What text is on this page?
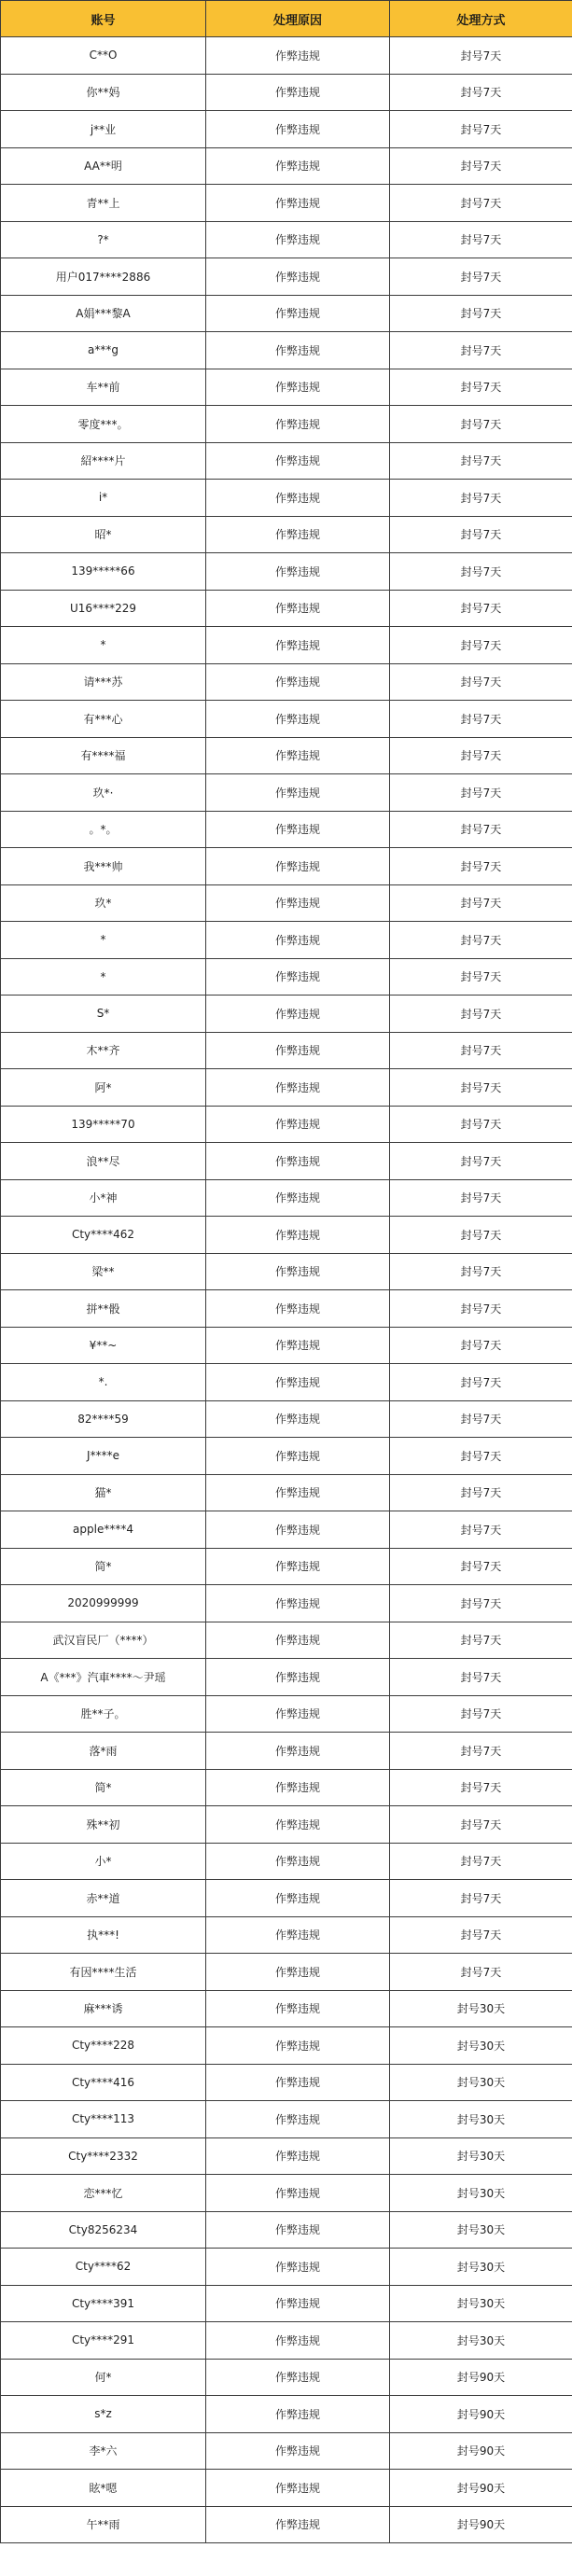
账号	处理原因	处理方式
C**O	作弊违规	封号7天
你**妈	作弊违规	封号7天
j**业	作弊违规	封号7天
AA**明	作弊违规	封号7天
青**上	作弊违规	封号7天
?*	作弊违规	封号7天
用户017****2886	作弊违规	封号7天
A娟***黎A	作弊违规	封号7天
a***g	作弊违规	封号7天
车**前	作弊违规	封号7天
零度***。	作弊违规	封号7天
紹****片	作弊违规	封号7天
i*	作弊违规	封号7天
昭*	作弊违规	封号7天
139*****66	作弊违规	封号7天
U16****229	作弊违规	封号7天
*	作弊违规	封号7天
请***苏	作弊违规	封号7天
有***心	作弊违规	封号7天
有****福	作弊违规	封号7天
玖*·	作弊违规	封号7天
。*。	作弊违规	封号7天
我***帅	作弊违规	封号7天
玖*	作弊违规	封号7天
*	作弊违规	封号7天
*	作弊违规	封号7天
S*	作弊违规	封号7天
木**齐	作弊违规	封号7天
阿*	作弊违规	封号7天
139*****70	作弊违规	封号7天
浪**尽	作弊违规	封号7天
小*神	作弊违规	封号7天
Cty****462	作弊违规	封号7天
梁**	作弊违规	封号7天
拼**骰	作弊违规	封号7天
¥**~	作弊违规	封号7天
*.	作弊违规	封号7天
82****59	作弊违规	封号7天
J****e	作弊违规	封号7天
猫*	作弊违规	封号7天
apple****4	作弊违规	封号7天
简*	作弊违规	封号7天
2020999999	作弊违规	封号7天
武汉盲民厂（****）	作弊违规	封号7天
A《***》汽車****～尹瑶	作弊违规	封号7天
胜**子。	作弊违规	封号7天
落*雨	作弊违规	封号7天
简*	作弊违规	封号7天
殊**初	作弊违规	封号7天
小*	作弊违规	封号7天
赤**道	作弊违规	封号7天
执***!	作弊违规	封号7天
有因****生活	作弊违规	封号7天
麻***诱	作弊违规	封号30天
Cty****228	作弊违规	封号30天
Cty****416	作弊违规	封号30天
Cty****113	作弊违规	封号30天
Cty****2332	作弊违规	封号30天
恋***忆	作弊违规	封号30天
Cty8256234	作弊违规	封号30天
Cty****62	作弊违规	封号30天
Cty****391	作弊违规	封号30天
Cty****291	作弊违规	封号30天
何*	作弊违规	封号90天
s*z	作弊违规	封号90天
李*六	作弊违规	封号90天
眩*嗯	作弊违规	封号90天
午**雨	作弊违规	封号90天
